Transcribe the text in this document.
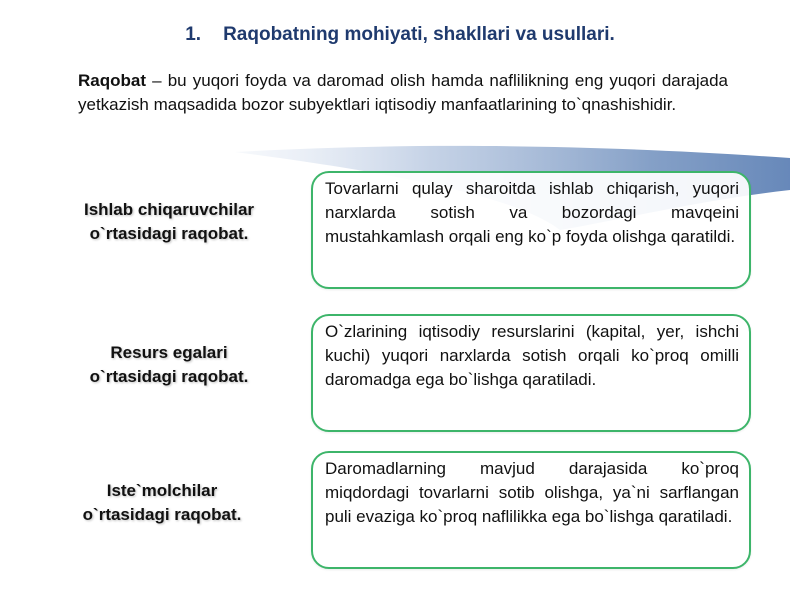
1. Raqobatning mohiyati, shakllari va usullari.

Raqobat – bu yuqori foyda va daromad olish hamda naflilikning eng yuqori darajada yetkazish maqsadida bozor subyektlari iqtisodiy manfaatlarining to`qnashishidir.

Ishlab chiqaruvchilar
o`rtasidagi raqobat.

Tovarlarni qulay sharoitda ishlab chiqarish, yuqori narxlarda sotish va bozordagi mavqeini mustahkamlash orqali eng ko`p foyda olishga qaratildi.

Resurs egalari
o`rtasidagi raqobat.

O`zlarining iqtisodiy resurslarini (kapital, yer, ishchi kuchi) yuqori narxlarda sotish orqali ko`proq omilli daromadga ega bo`lishga qaratiladi.

Iste`molchilar
o`rtasidagi raqobat.

Daromadlarning mavjud darajasida ko`proq miqdordagi tovarlarni sotib olishga, ya`ni sarflangan puli evaziga ko`proq naflilikka ega bo`lishga qaratiladi.
